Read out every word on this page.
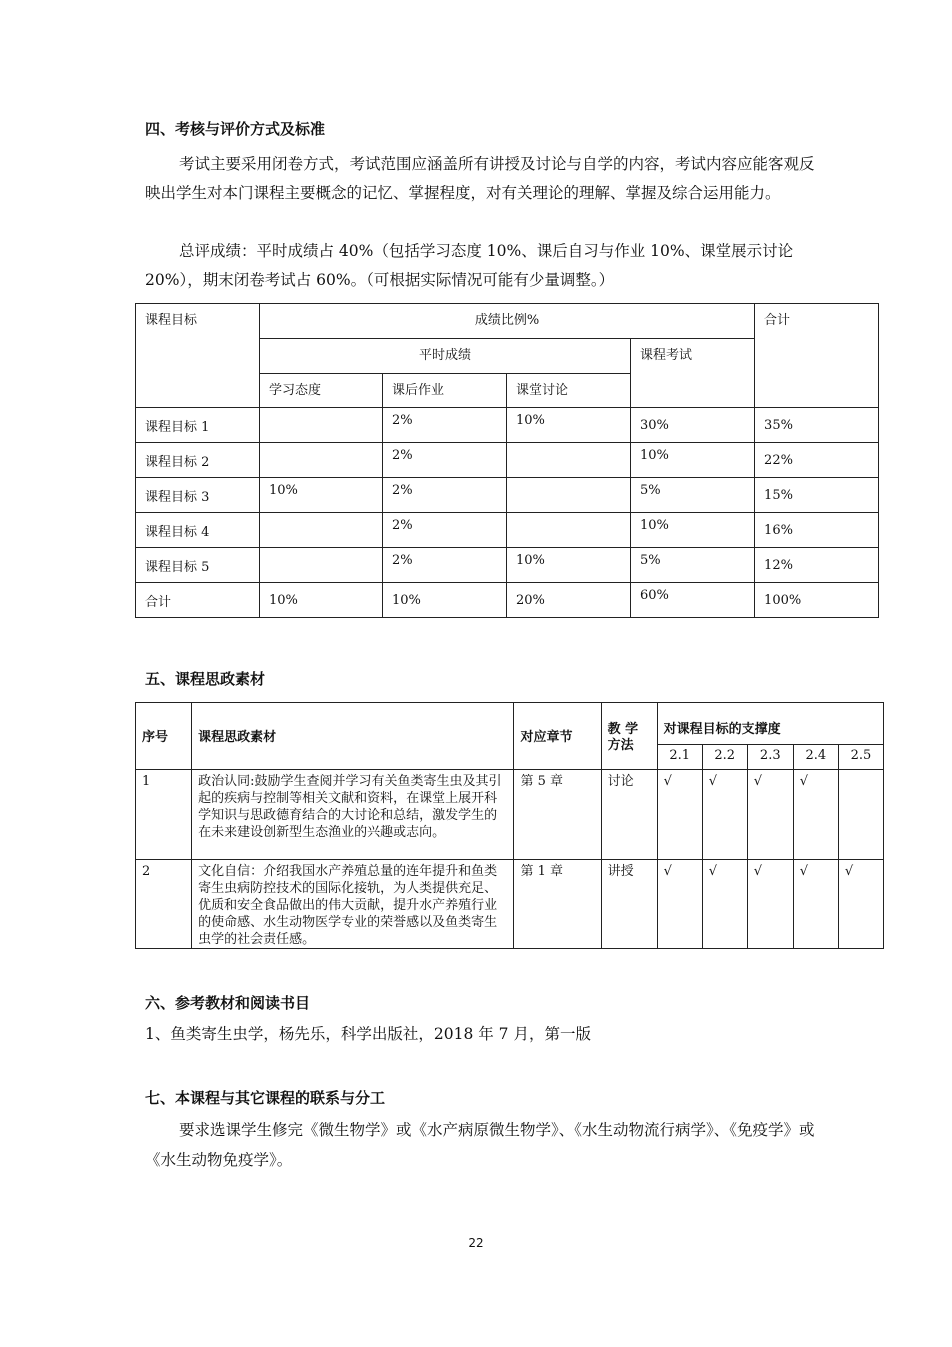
四、考核与评价方式及标准

考试主要采用闭卷方式，考试范围应涵盖所有讲授及讨论与自学的内容，考试内容应能客观反映出学生对本门课程主要概念的记忆、掌握程度，对有关理论的理解、掌握及综合运用能力。

总评成绩：平时成绩占 40%（包括学习态度 10%、课后自习与作业 10%、课堂展示讨论 20%），期末闭卷考试占 60%。（可根据实际情况可能有少量调整。）

课程目标	成绩比例%				合计
	平时成绩			课程考试	
	学习态度	课后作业	课堂讨论		
课程目标 1		2%	10%	30%	35%
课程目标 2		2%		10%	22%
课程目标 3	10%	2%		5%	15%
课程目标 4		2%		10%	16%
课程目标 5		2%	10%	5%	12%
合计	10%	10%	20%	60%	100%
五、课程思政素材
序号	课程思政素材	对应章节	教 学 方法	对课程目标的支撑度				
				2.1	2.2	2.3	2.4	2.5
1	政治认同:鼓励学生查阅并学习有关鱼类寄生虫及其引起的疾病与控制等相关文献和资料，在课堂上展开科学知识与思政德育结合的大讨论和总结，激发学生的在未来建设创新型生态渔业的兴趣或志向。	第 5 章	讨论	√	√	√	√	
2	文化自信：介绍我国水产养殖总量的连年提升和鱼类寄生虫病防控技术的国际化接轨，为人类提供充足、优质和安全食品做出的伟大贡献，提升水产养殖行业的使命感、水生动物医学专业的荣誉感以及鱼类寄生虫学的社会责任感。	第 1 章	讲授	√	√	√	√	√
六、参考教材和阅读书目
1、鱼类寄生虫学，杨先乐，科学出版社，2018 年 7 月，第一版
七、本课程与其它课程的联系与分工

要求选课学生修完《微生物学》或《水产病原微生物学》、《水生动物流行病学》、《免疫学》或《水生动物免疫学》。

22
